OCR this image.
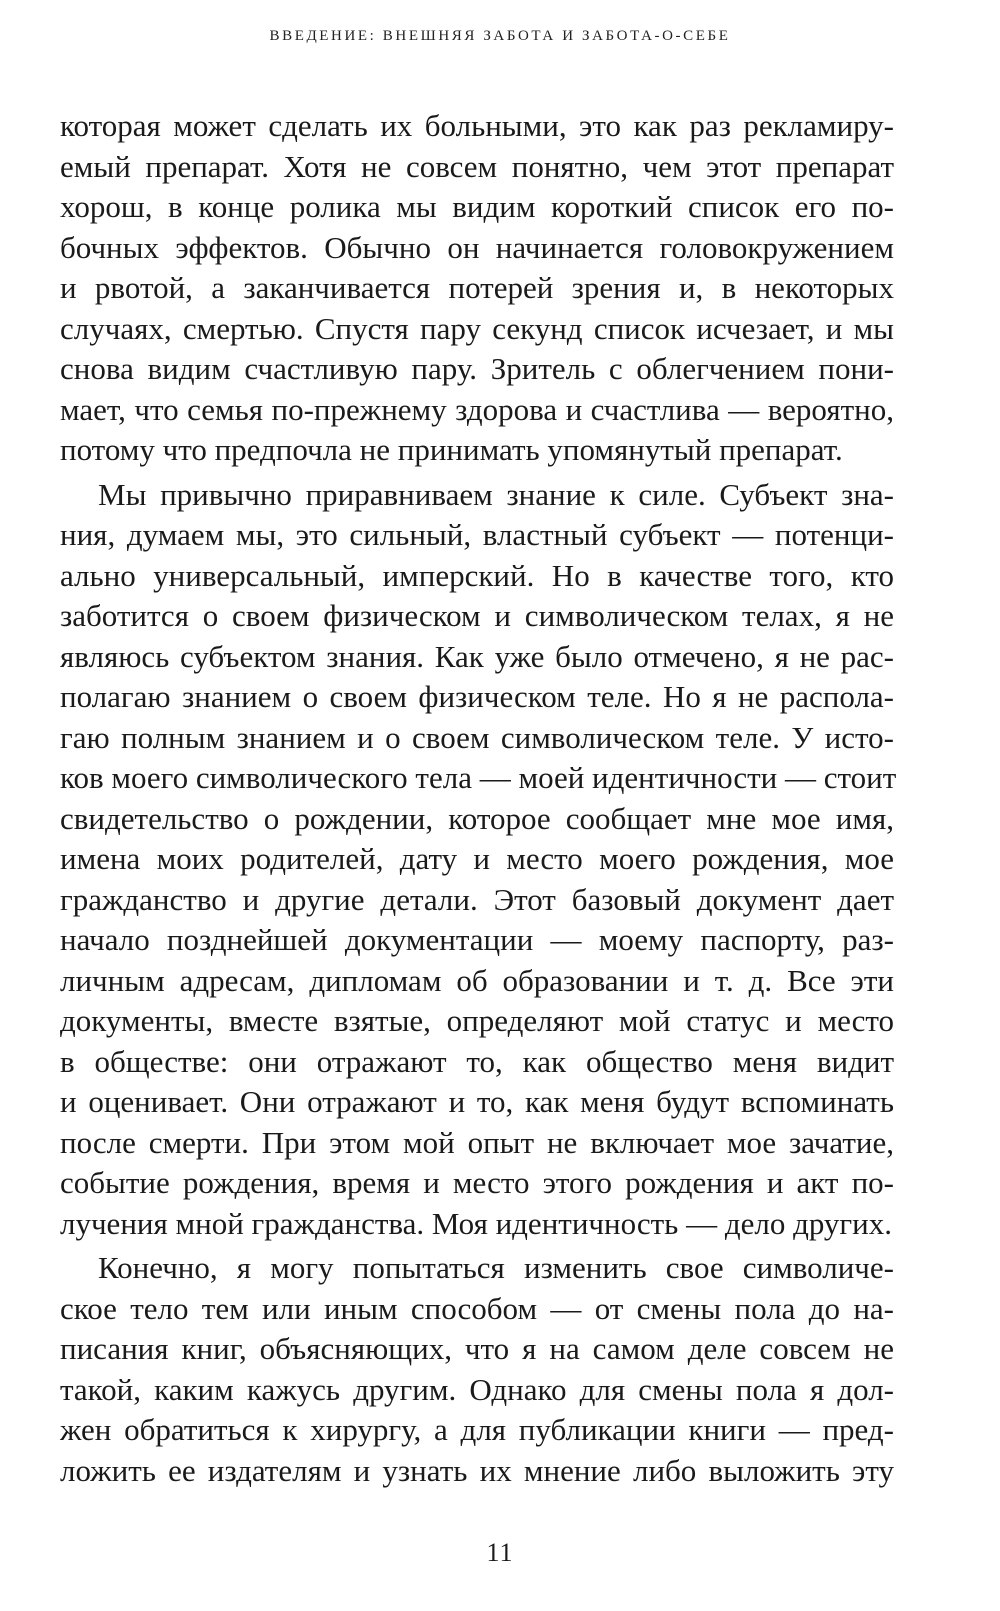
ВВЕДЕНИЕ: ВНЕШНЯЯ ЗАБОТА И ЗАБОТА-О-СЕБЕ
которая может сделать их больными, это как раз рекламиру-
емый препарат. Хотя не совсем понятно, чем этот препарат
хорош, в конце ролика мы видим короткий список его по-
бочных эффектов. Обычно он начинается головокружением
и рвотой, а заканчивается потерей зрения и, в некоторых
случаях, смертью. Спустя пару секунд список исчезает, и мы
снова видим счастливую пару. Зритель с облегчением пони-
мает, что семья по-прежнему здорова и счастлива — вероятно,
потому что предпочла не принимать упомянутый препарат.
Мы привычно приравниваем знание к силе. Субъект зна-
ния, думаем мы, это сильный, властный субъект — потенци-
ально универсальный, имперский. Но в качестве того, кто
заботится о своем физическом и символическом телах, я не
являюсь субъектом знания. Как уже было отмечено, я не рас-
полагаю знанием о своем физическом теле. Но я не распола-
гаю полным знанием и о своем символическом теле. У исто-
ков моего символического тела — моей идентичности — стоит
свидетельство о рождении, которое сообщает мне мое имя,
имена моих родителей, дату и место моего рождения, мое
гражданство и другие детали. Этот базовый документ дает
начало позднейшей документации — моему паспорту, раз-
личным адресам, дипломам об образовании и т. д. Все эти
документы, вместе взятые, определяют мой статус и место
в обществе: они отражают то, как общество меня видит
и оценивает. Они отражают и то, как меня будут вспоминать
после смерти. При этом мой опыт не включает мое зачатие,
событие рождения, время и место этого рождения и акт по-
лучения мной гражданства. Моя идентичность — дело других.
Конечно, я могу попытаться изменить свое символиче-
ское тело тем или иным способом — от смены пола до на-
писания книг, объясняющих, что я на самом деле совсем не
такой, каким кажусь другим. Однако для смены пола я дол-
жен обратиться к хирургу, а для публикации книги — пред-
ложить ее издателям и узнать их мнение либо выложить эту
11
